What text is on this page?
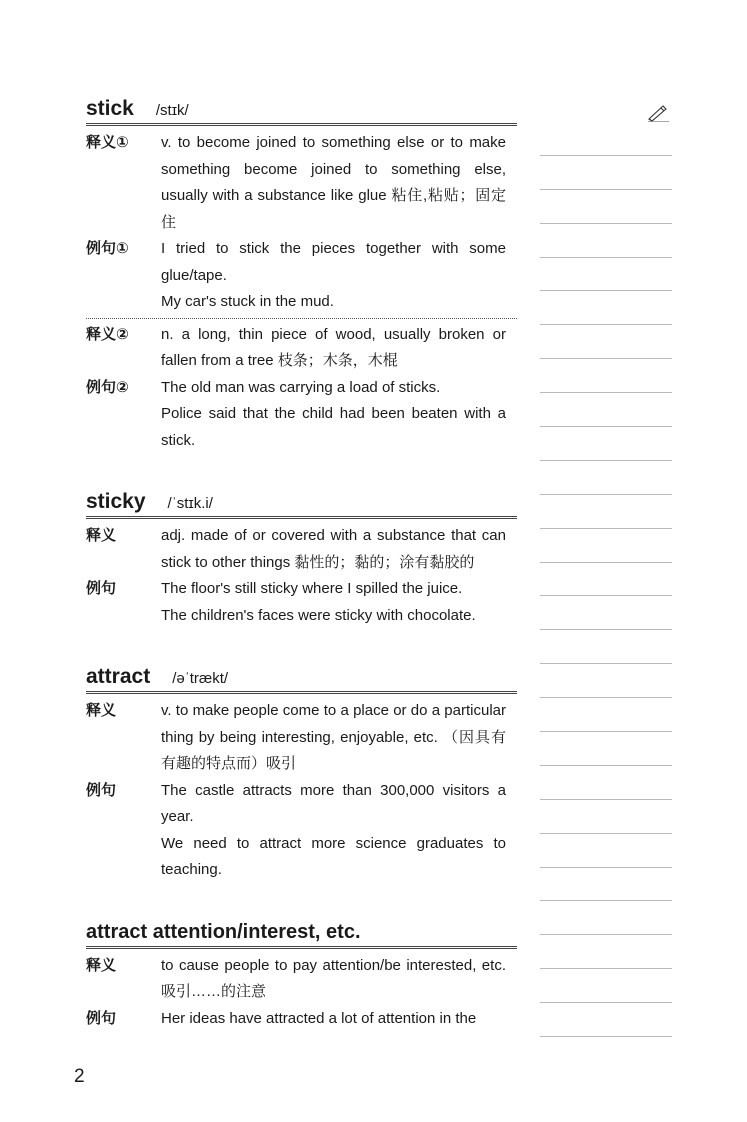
stick /stɪk/
释义①	v. to become joined to something else or to make something become joined to something else, usually with a substance like glue 粘住,粘贴；固定住
例句①	I tried to stick the pieces together with some glue/tape.
My car's stuck in the mud.
释义②	n. a long, thin piece of wood, usually broken or fallen from a tree 枝条；木条，木棍
例句②	The old man was carrying a load of sticks.
Police said that the child had been beaten with a stick.
sticky /ˈstɪk.i/
释义	adj. made of or covered with a substance that can stick to other things 黏性的；黏的；涂有黏胶的
例句	The floor's still sticky where I spilled the juice.
The children's faces were sticky with chocolate.
attract /əˈtrækt/
释义	v. to make people come to a place or do a particular thing by being interesting, enjoyable, etc. （因具有有趣的特点而）吸引
例句	The castle attracts more than 300,000 visitors a year.
We need to attract more science graduates to teaching.
attract attention/interest, etc.
释义	to cause people to pay attention/be interested, etc. 吸引……的注意
例句	Her ideas have attracted a lot of attention in the
2
